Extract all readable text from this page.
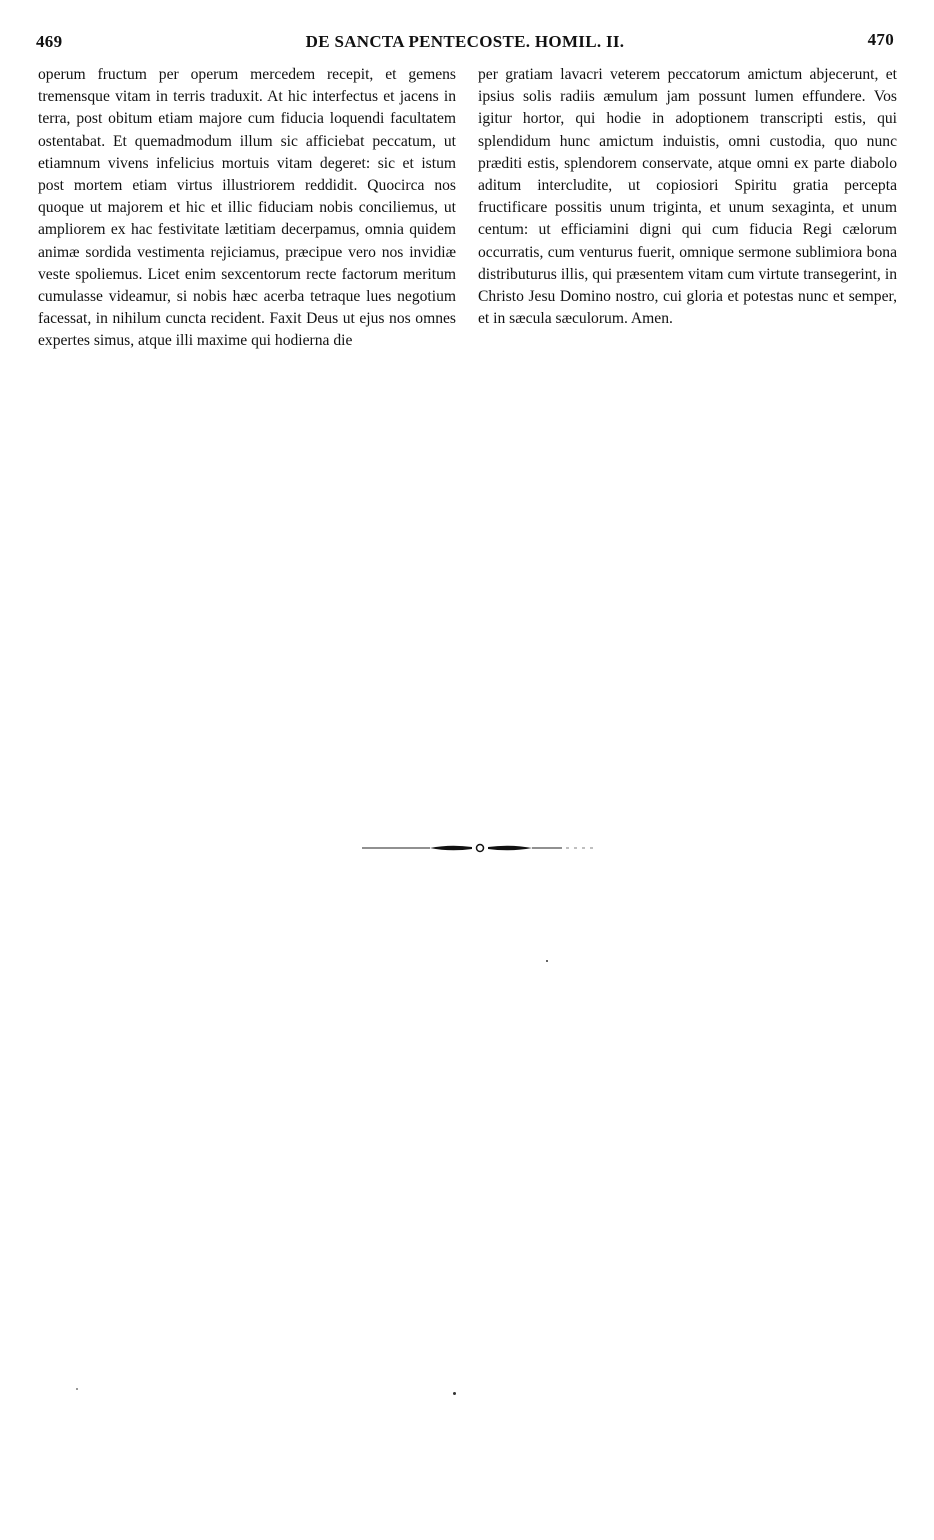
469	DE SANCTA PENTECOSTE. HOMIL. II.	470

operum fructum per operum mercedem recepit, et gemens tremensque vitam in terris traduxit. At hic interfectus et jacens in terra, post obitum etiam majore cum fiducia loquendi facultatem ostentabat. Et quemadmodum illum sic afficiebat peccatum, ut etiamnum vivens infelicius mortuis vitam degeret: sic et istum post mortem etiam virtus illustriorem reddidit. Quocirca nos quoque ut majorem et hic et illic fiduciam nobis conciliemus, ut ampliorem ex hac festivitate lætitiam decerpamus, omnia quidem animæ sordida vestimenta rejiciamus, præcipue vero nos invidiæ veste spoliemus. Licet enim sexcentorum recte factorum meritum cumulasse videamur, si nobis hæc acerba tetraque lues negotium facessat, in nihilum cuncta recident. Faxit Deus ut ejus nos omnes expertes simus, atque illi maxime qui hodierna die

per gratiam lavacri veterem peccatorum amictum abjecerunt, et ipsius solis radiis æmulum jam possunt lumen effundere. Vos igitur hortor, qui hodie in adoptionem transcripti estis, qui splendidum hunc amictum induistis, omni custodia, quo nunc præditi estis, splendorem conservate, atque omni ex parte diabolo aditum intercludite, ut copiosiori Spiritu gratia percepta fructificare possitis unum triginta, et unum sexaginta, et unum centum: ut efficiamini digni qui cum fiducia Regi cælorum occurratis, cum venturus fuerit, omnique sermone sublimiora bona distributurus illis, qui præsentem vitam cum virtute transegerint, in Christo Jesu Domino nostro, cui gloria et potestas nunc et semper, et in sæcula sæculorum. Amen.
